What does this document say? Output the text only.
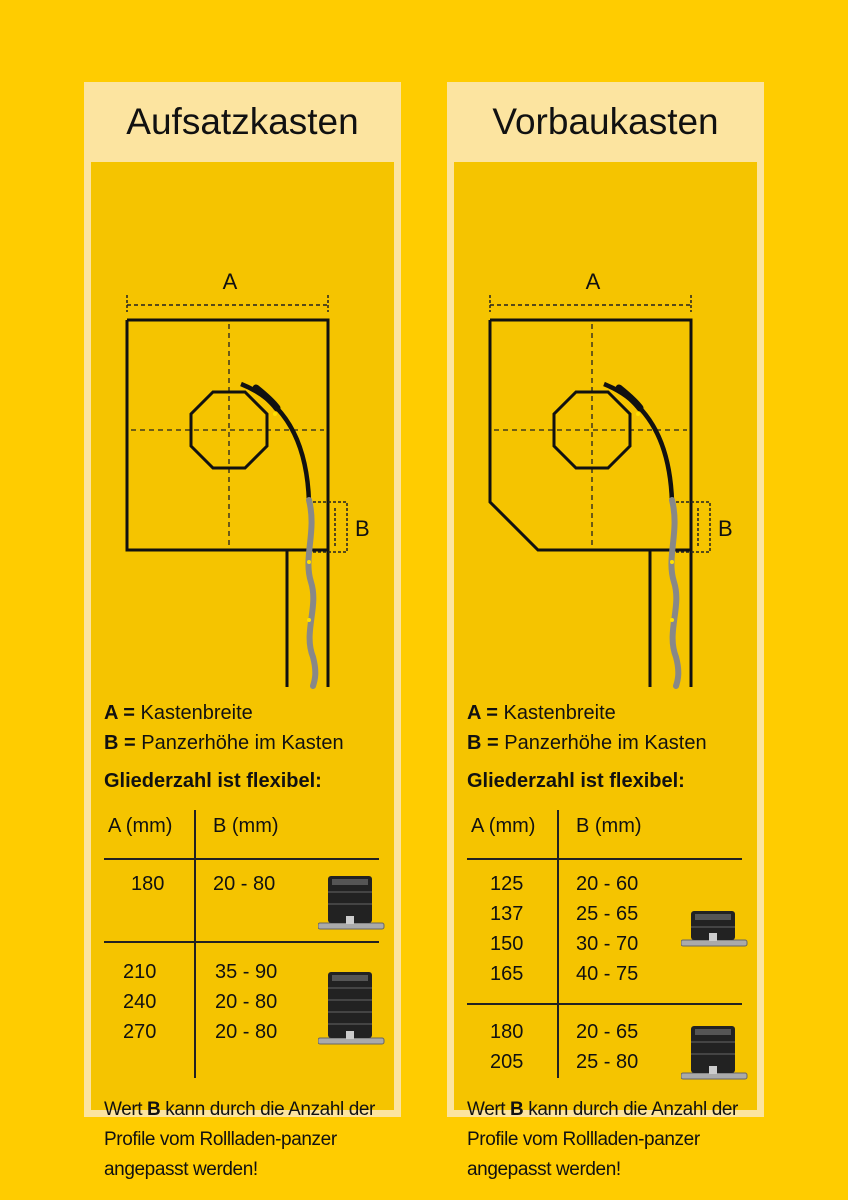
Aufsatzkasten
A
B
A = Kastenbreite
B = Panzerhöhe im Kasten
Gliederzahl ist flexibel:
A (mm) B (mm)
180 20 - 80
210
240
270
35 - 90
20 - 80
20 - 80
Wert B kann durch die Anzahl der Profile vom Rollladen-panzer angepasst werden!
Vorbaukasten
A
B
A = Kastenbreite
B = Panzerhöhe im Kasten
Gliederzahl ist flexibel:
A (mm) B (mm)
125
137
150
165
20 - 60
25 - 65
30 - 70
40 - 75
180
205
20 - 65
25 - 80
Wert B kann durch die Anzahl der Profile vom Rollladen-panzer angepasst werden!
